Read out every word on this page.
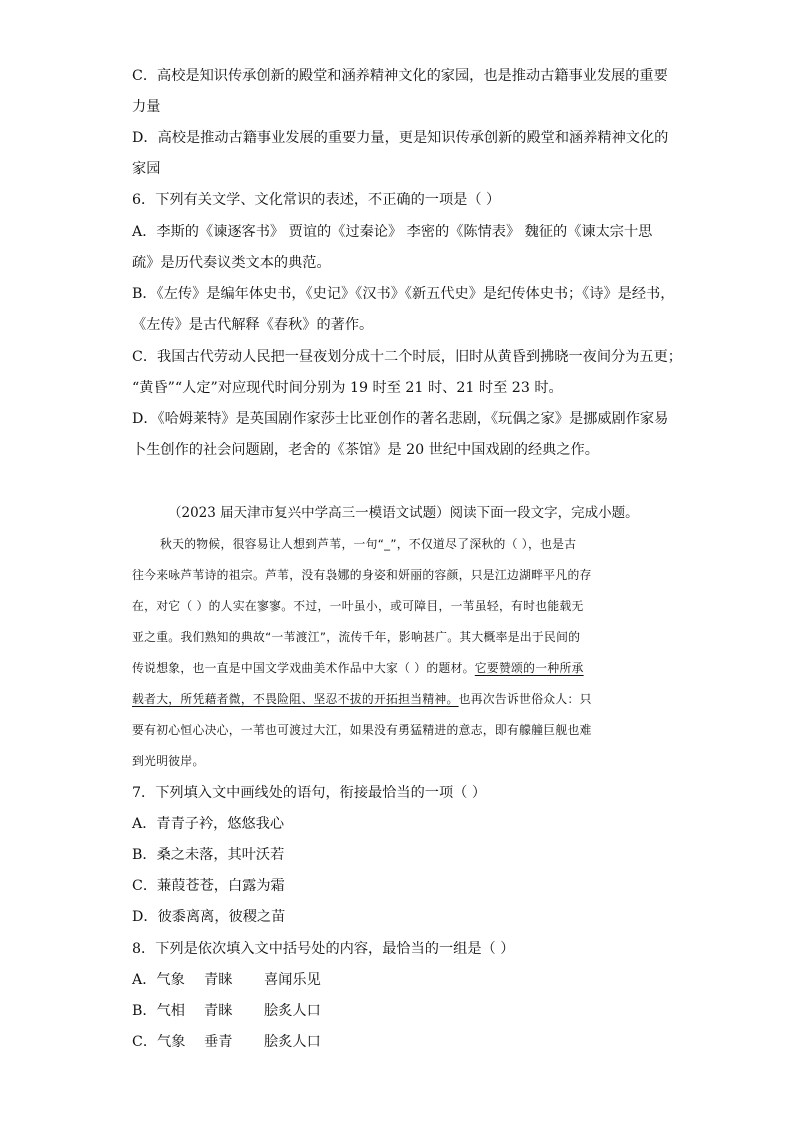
C．高校是知识传承创新的殿堂和涵养精神文化的家园，也是推动古籍事业发展的重要
力量
D．高校是推动古籍事业发展的重要力量，更是知识传承创新的殿堂和涵养精神文化的
家园
6．下列有关文学、文化常识的表述，不正确的一项是（ ）
A．李斯的《谏逐客书》 贾谊的《过秦论》 李密的《陈情表》 魏征的《谏太宗十思
疏》是历代奏议类文本的典范。
B．《左传》是编年体史书，《史记》《汉书》《新五代史》是纪传体史书；《诗》是经书，
《左传》是古代解释《春秋》的著作。
C．我国古代劳动人民把一昼夜划分成十二个时辰，旧时从黄昏到拂晓一夜间分为五更；
“黄昏”“人定”对应现代时间分别为 19 时至 21 时、21 时至 23 时。
D．《哈姆莱特》是英国剧作家莎士比亚创作的著名悲剧，《玩偶之家》是挪威剧作家易
卜生创作的社会问题剧，老舍的《茶馆》是 20 世纪中国戏剧的经典之作。
（2023 届天津市复兴中学高三一模语文试题）阅读下面一段文字，完成小题。
秋天的物候，很容易让人想到芦苇，一句“_”，不仅道尽了深秋的（ ），也是古
往今来咏芦苇诗的祖宗。芦苇，没有袅娜的身姿和妍丽的容颜，只是江边湖畔平凡的存
在，对它（ ）的人实在寥寥。不过，一叶虽小，或可障目，一苇虽轻，有时也能载无
亚之重。我们熟知的典故“一苇渡江”，流传千年，影响甚广。其大概率是出于民间的
传说想象，也一直是中国文学戏曲美术作品中大家（ ）的题材。它要赞颂的一种所承
载者大，所凭藉者微，不畏险阻、坚忍不拔的开拓担当精神。也再次告诉世俗众人：只
要有初心恒心决心，一苇也可渡过大江，如果没有勇猛精进的意志，即有艨艟巨舰也难
到光明彼岸。
7．下列填入文中画线处的语句，衔接最恰当的一项（ ）
A．青青子衿，悠悠我心
B．桑之未落，其叶沃若
C．蒹葭苍苍，白露为霜
D．彼黍离离，彼稷之苗
8．下列是依次填入文中括号处的内容，最恰当的一组是（ ）
A．气象 青睐 喜闻乐见
B．气相 青睐 脍炙人口
C．气象 垂青 脍炙人口
